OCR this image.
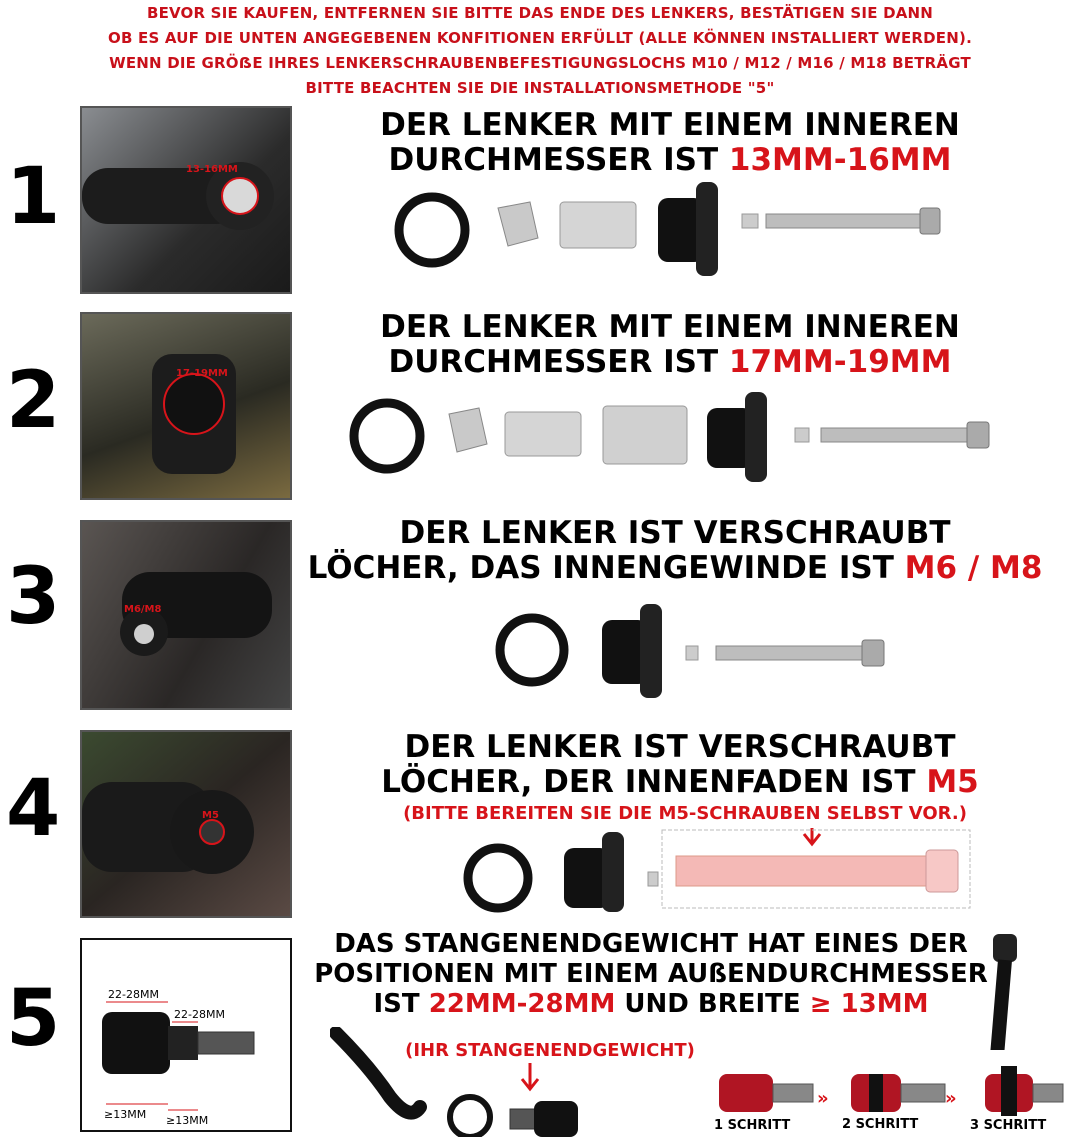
BEVOR SIE KAUFEN, ENTFERNEN SIE BITTE DAS ENDE DES LENKERS, BESTÄTIGEN SIE DANN
OB ES AUF DIE UNTEN ANGEGEBENEN KONFITIONEN ERFÜLLT (ALLE KÖNNEN INSTALLIERT WERDEN).
WENN DIE GRÖẞE IHRES LENKERSCHRAUBENBEFESTIGUNGSLOCHS M10 / M12 / M16 / M18 BETRÄGT
BITTE BEACHTEN SIE DIE INSTALLATIONSMETHODE "5"
1	13-16MM
DER LENKER MIT EINEM INNEREN
DURCHMESSER IST 13MM-16MM
2	17-19MM
DER LENKER MIT EINEM INNEREN
DURCHMESSER IST 17MM-19MM
3	M6/M8
DER LENKER IST VERSCHRAUBT
LÖCHER, DAS INNENGEWINDE IST M6 / M8
4	M5
DER LENKER IST VERSCHRAUBT
LÖCHER, DER INNENFADEN IST M5
(BITTE BEREITEN SIE DIE M5-SCHRAUBEN SELBST VOR.)
5	22-28MM
22-28MM
≥13MM ≥13MM
DAS STANGENENDGEWICHT HAT EINES DER
POSITIONEN MIT EINEM AUßENDURCHMESSER
IST 22MM-28MM UND BREITE ≥ 13MM
(IHR STANGENENDGEWICHT)
»	»
1 SCHRITT	2 SCHRITT	3 SCHRITT
